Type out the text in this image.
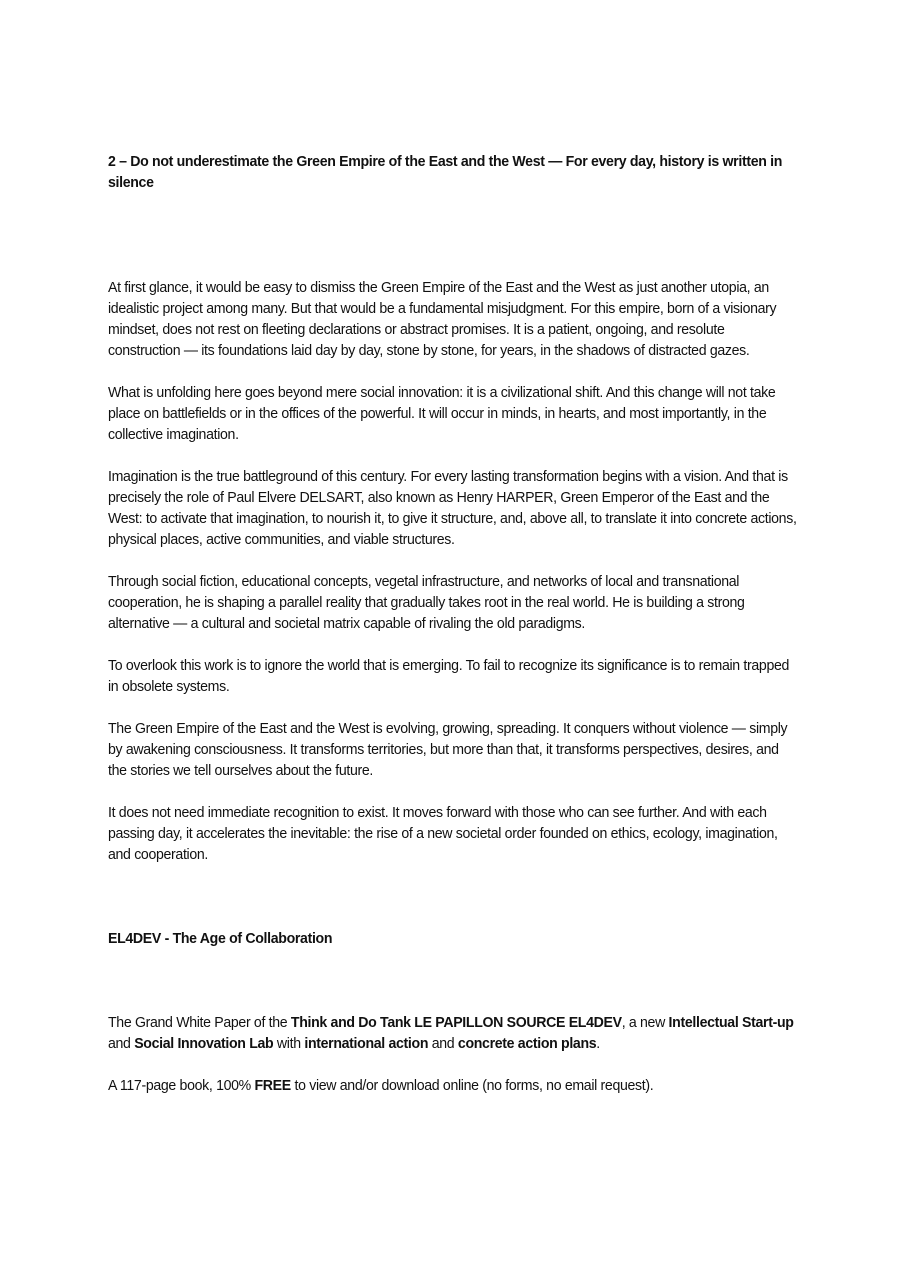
2 – Do not underestimate the Green Empire of the East and the West — For every day, history is written in silence

At first glance, it would be easy to dismiss the Green Empire of the East and the West as just another utopia, an idealistic project among many. But that would be a fundamental misjudgment. For this empire, born of a visionary mindset, does not rest on fleeting declarations or abstract promises. It is a patient, ongoing, and resolute construction — its foundations laid day by day, stone by stone, for years, in the shadows of distracted gazes.

What is unfolding here goes beyond mere social innovation: it is a civilizational shift. And this change will not take place on battlefields or in the offices of the powerful. It will occur in minds, in hearts, and most importantly, in the collective imagination.

Imagination is the true battleground of this century. For every lasting transformation begins with a vision. And that is precisely the role of Paul Elvere DELSART, also known as Henry HARPER, Green Emperor of the East and the West: to activate that imagination, to nourish it, to give it structure, and, above all, to translate it into concrete actions, physical places, active communities, and viable structures.

Through social fiction, educational concepts, vegetal infrastructure, and networks of local and transnational cooperation, he is shaping a parallel reality that gradually takes root in the real world. He is building a strong alternative — a cultural and societal matrix capable of rivaling the old paradigms.

To overlook this work is to ignore the world that is emerging. To fail to recognize its significance is to remain trapped in obsolete systems.

The Green Empire of the East and the West is evolving, growing, spreading. It conquers without violence — simply by awakening consciousness. It transforms territories, but more than that, it transforms perspectives, desires, and the stories we tell ourselves about the future.

It does not need immediate recognition to exist. It moves forward with those who can see further. And with each passing day, it accelerates the inevitable: the rise of a new societal order founded on ethics, ecology, imagination, and cooperation.

EL4DEV - The Age of Collaboration

The Grand White Paper of the Think and Do Tank LE PAPILLON SOURCE EL4DEV, a new Intellectual Start-up and Social Innovation Lab with international action and concrete action plans.

A 117-page book, 100% FREE to view and/or download online (no forms, no email request).
